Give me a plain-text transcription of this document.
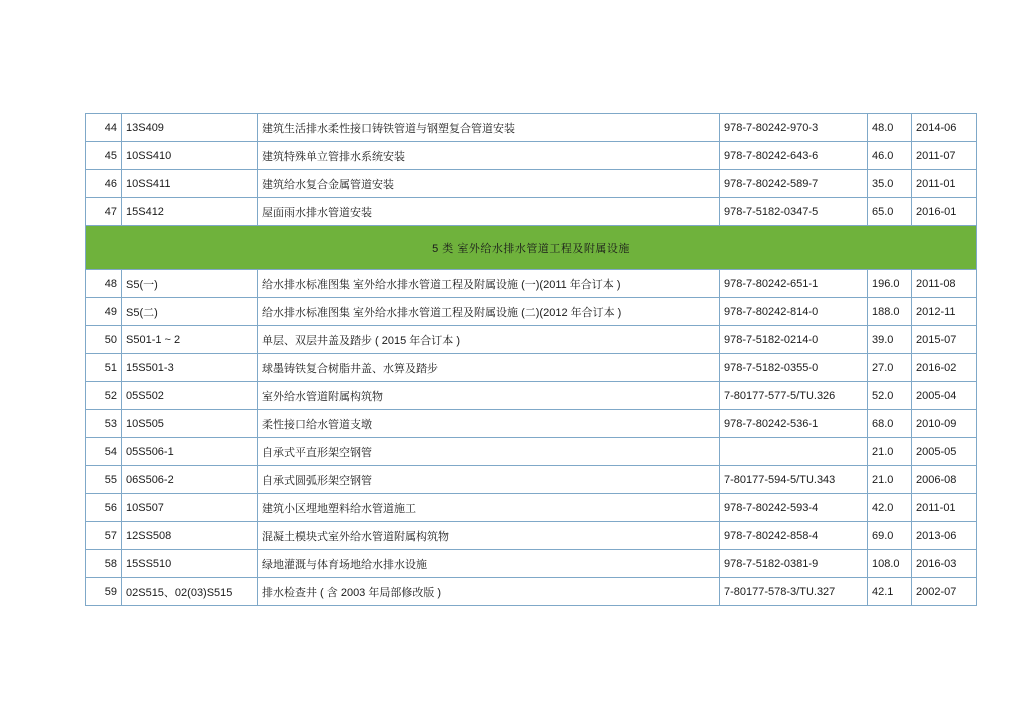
44	13S409	建筑生活排水柔性接口铸铁管道与钢塑复合管道安装	978-7-80242-970-3	48.0	2014-06
45	10SS410	建筑特殊单立管排水系统安装	978-7-80242-643-6	46.0	2011-07
46	10SS411	建筑给水复合金属管道安装	978-7-80242-589-7	35.0	2011-01
47	15S412	屋面雨水排水管道安装	978-7-5182-0347-5	65.0	2016-01
5 类 室外给水排水管道工程及附属设施					
48	S5(一)	给水排水标准图集 室外给水排水管道工程及附属设施 (一)(2011 年合订本 )	978-7-80242-651-1	196.0	2011-08
49	S5(二)	给水排水标准图集 室外给水排水管道工程及附属设施 (二)(2012 年合订本 )	978-7-80242-814-0	188.0	2012-11
50	S501-1 ~ 2	单层、双层井盖及踏步 ( 2015 年合订本 )	978-7-5182-0214-0	39.0	2015-07
51	15S501-3	球墨铸铁复合树脂井盖、水箅及踏步	978-7-5182-0355-0	27.0	2016-02
52	05S502	室外给水管道附属构筑物	7-80177-577-5/TU.326	52.0	2005-04
53	10S505	柔性接口给水管道支墩	978-7-80242-536-1	68.0	2010-09
54	05S506-1	自承式平直形架空钢管		21.0	2005-05
55	06S506-2	自承式圆弧形架空钢管	7-80177-594-5/TU.343	21.0	2006-08
56	10S507	建筑小区埋地塑料给水管道施工	978-7-80242-593-4	42.0	2011-01
57	12SS508	混凝土模块式室外给水管道附属构筑物	978-7-80242-858-4	69.0	2013-06
58	15SS510	绿地灌溉与体育场地给水排水设施	978-7-5182-0381-9	108.0	2016-03
59	02S515、02(03)S515	排水检查井 ( 含 2003 年局部修改版 )	7-80177-578-3/TU.327	42.1	2002-07
